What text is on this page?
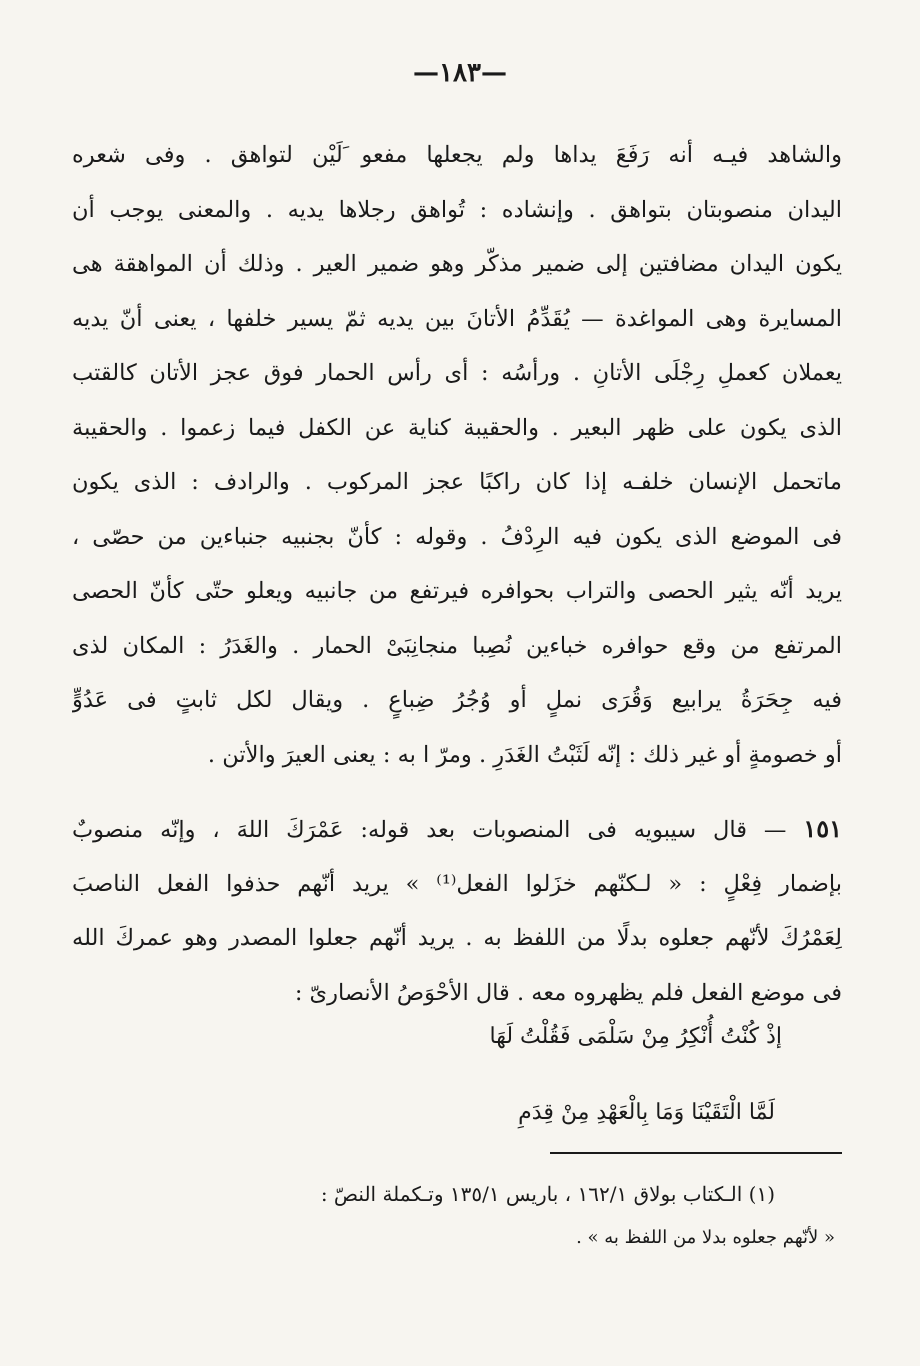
—١٨٣—
والشاهد فيـه أنه رَفَعَ يداها ولم يجعلها مفعو َلَيْن لتواهق . وفى شعره
اليدان منصوبتان بتواهق . وإنشاده : تُواهق رجلاها يديه . والمعنى يوجب أن
يكون اليدان مضافتين إلى ضمير مذكّر وهو ضمير العير . وذلك أن المواهقة هى
المسايرة وهى المواغدة — يُقَدِّمُ الأتانَ بين يديه ثمّ يسير خلفها ، يعنى أنّ يديه
يعملان كعملِ رِجْلَى الأتانِ . ورأسُه : أى رأس الحمار فوق عجز الأتان كالقتب
الذى يكون على ظهر البعير . والحقيبة كناية عن الكفل فيما زعموا . والحقيبة
ماتحمل الإنسان خلفـه إذا كان راكبًا عجز المركوب . والرادف : الذى يكون
فى الموضع الذى يكون فيه الرِدْفُ . وقوله : كأنّ بجنبيه جنباءين من حصّى ،
يريد أنّه يثير الحصى والتراب بحوافره فيرتفع من جانبيه ويعلو حتّى كأنّ الحصى
المرتفع من وقع حوافره خباءين نُصِبا منجانِبَىْ الحمار . والغَدَرُ : المكان لذى
فيه جِحَرَةُ يرابيع وَقُرَى نملٍ أو وُجُرُ ضِباعٍ . ويقال لكل ثابتٍ فى عَدُوٍّ
أو خصومةٍ أو غير ذلك : إنّه لَثَبْتُ الغَدَرِ . ومرّ ا به : يعنى العيرَ والأتن .
١٥١ — قال سيبويه فى المنصوبات بعد قوله: عَمْرَكَ اللهَ ، وإنّه منصوبٌ
بإضمار فِعْلٍ : « لـكنّهم خزَلوا الفعل⁽¹⁾ » يريد أنّهم حذفوا الفعل الناصبَ
لِعَمْرُكَ لأنّهم جعلوه بدلًا من اللفظ به . يريد أنّهم جعلوا المصدر وهو عمركَ الله
فى موضع الفعل فلم يظهروه معه . قال الأحْوَصُ الأنصارىّ :
إذْ كُنْتُ أُنْكِرُ مِنْ سَلْمَى فَقُلْتُ لَهَا
لَمَّا الْتَقَيْنَا وَمَا بِالْعَهْدِ مِنْ قِدَمِ
(١) الـكتاب بولاق ١٦٢/١ ، باريس ١٣٥/١ وتـكملة النصّ :
« لأنّهم جعلوه بدلا من اللفظ به » .
